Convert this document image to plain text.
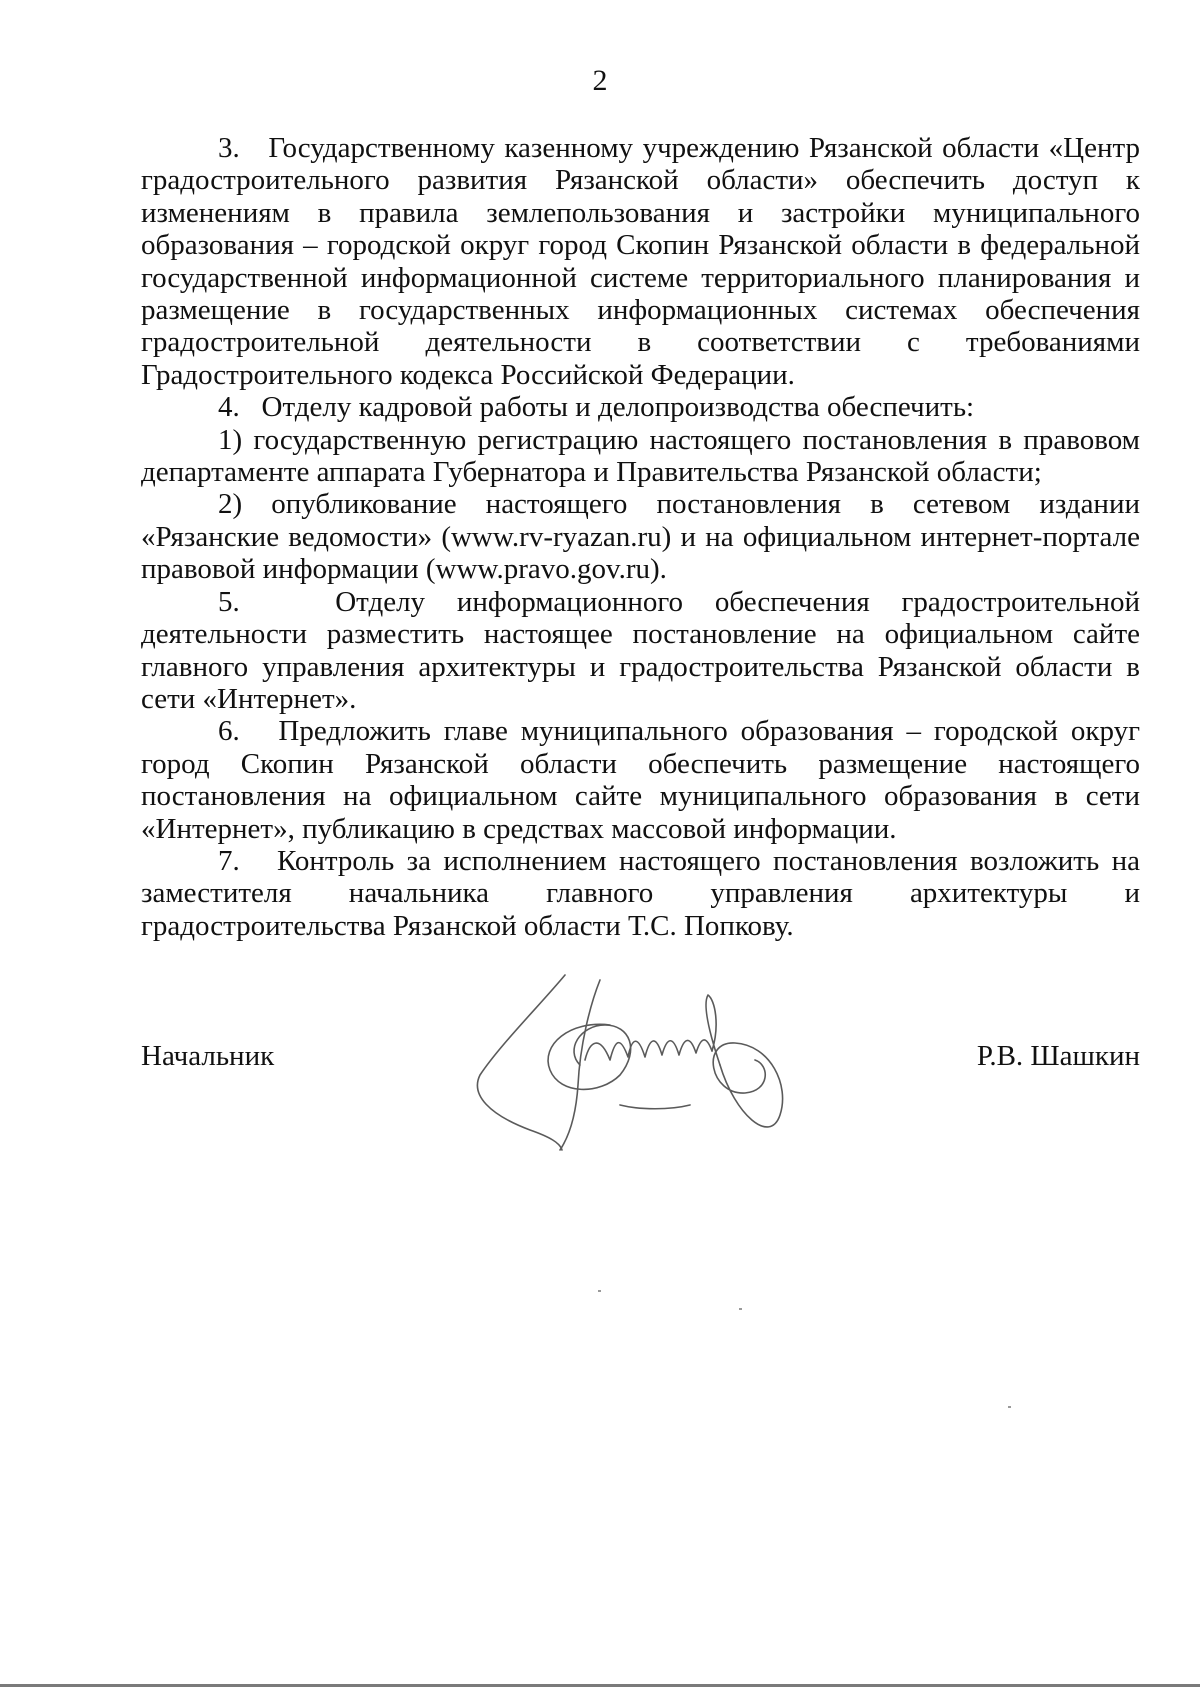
2

3.   Государственному казенному учреждению Рязанской области «Центр градостроительного развития Рязанской области» обеспечить доступ к изменениям в правила землепользования и застройки муниципального образования – городской округ город Скопин Рязанской области в федеральной государственной информационной системе территориального планирования и размещение в государственных информационных системах обеспечения градостроительной деятельности в соответствии с требованиями Градостроительного кодекса Российской Федерации.

4.   Отделу кадровой работы и делопроизводства обеспечить:

1) государственную регистрацию настоящего постановления в правовом департаменте аппарата Губернатора и Правительства Рязанской области;

2) опубликование настоящего постановления в сетевом издании «Рязанские ведомости» (www.rv-ryazan.ru) и на официальном интернет-портале правовой информации (www.pravo.gov.ru).

5.   Отделу информационного обеспечения градостроительной деятельности разместить настоящее постановление на официальном сайте главного управления архитектуры и градостроительства Рязанской области в сети «Интернет».

6.   Предложить главе муниципального образования – городской округ город Скопин Рязанской области обеспечить размещение настоящего постановления на официальном сайте муниципального образования в сети «Интернет», публикацию в средствах массовой информации.

7.   Контроль за исполнением настоящего постановления возложить на заместителя начальника главного управления архитектуры и градостроительства Рязанской области Т.С. Попкову.

Начальник	Р.В. Шашкин
